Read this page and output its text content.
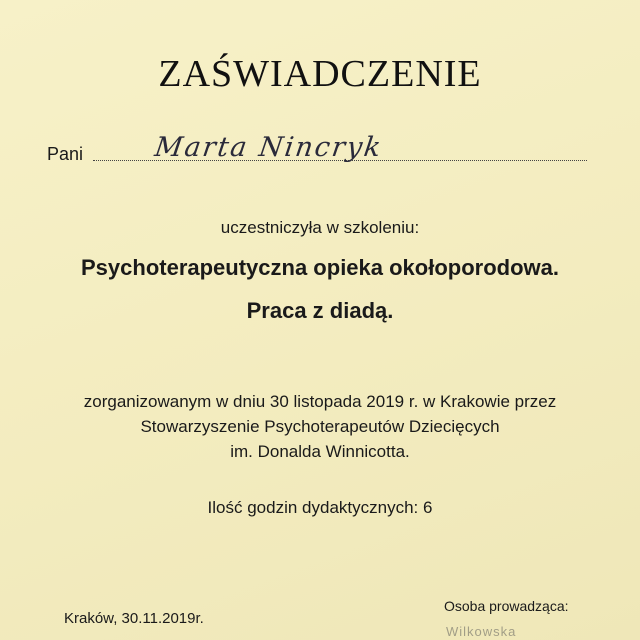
ZAŚWIADCZENIE
Pani	Marta Nincryk
uczestniczyła w szkoleniu:
Psychoterapeutyczna opieka okołoporodowa.
Praca z diadą.
zorganizowanym w dniu 30 listopada 2019 r. w Krakowie przez
Stowarzyszenie Psychoterapeutów Dziecięcych
im. Donalda Winnicotta.
Ilość godzin dydaktycznych: 6
Kraków, 30.11.2019r.
Osoba prowadząca:
Wilkowska
